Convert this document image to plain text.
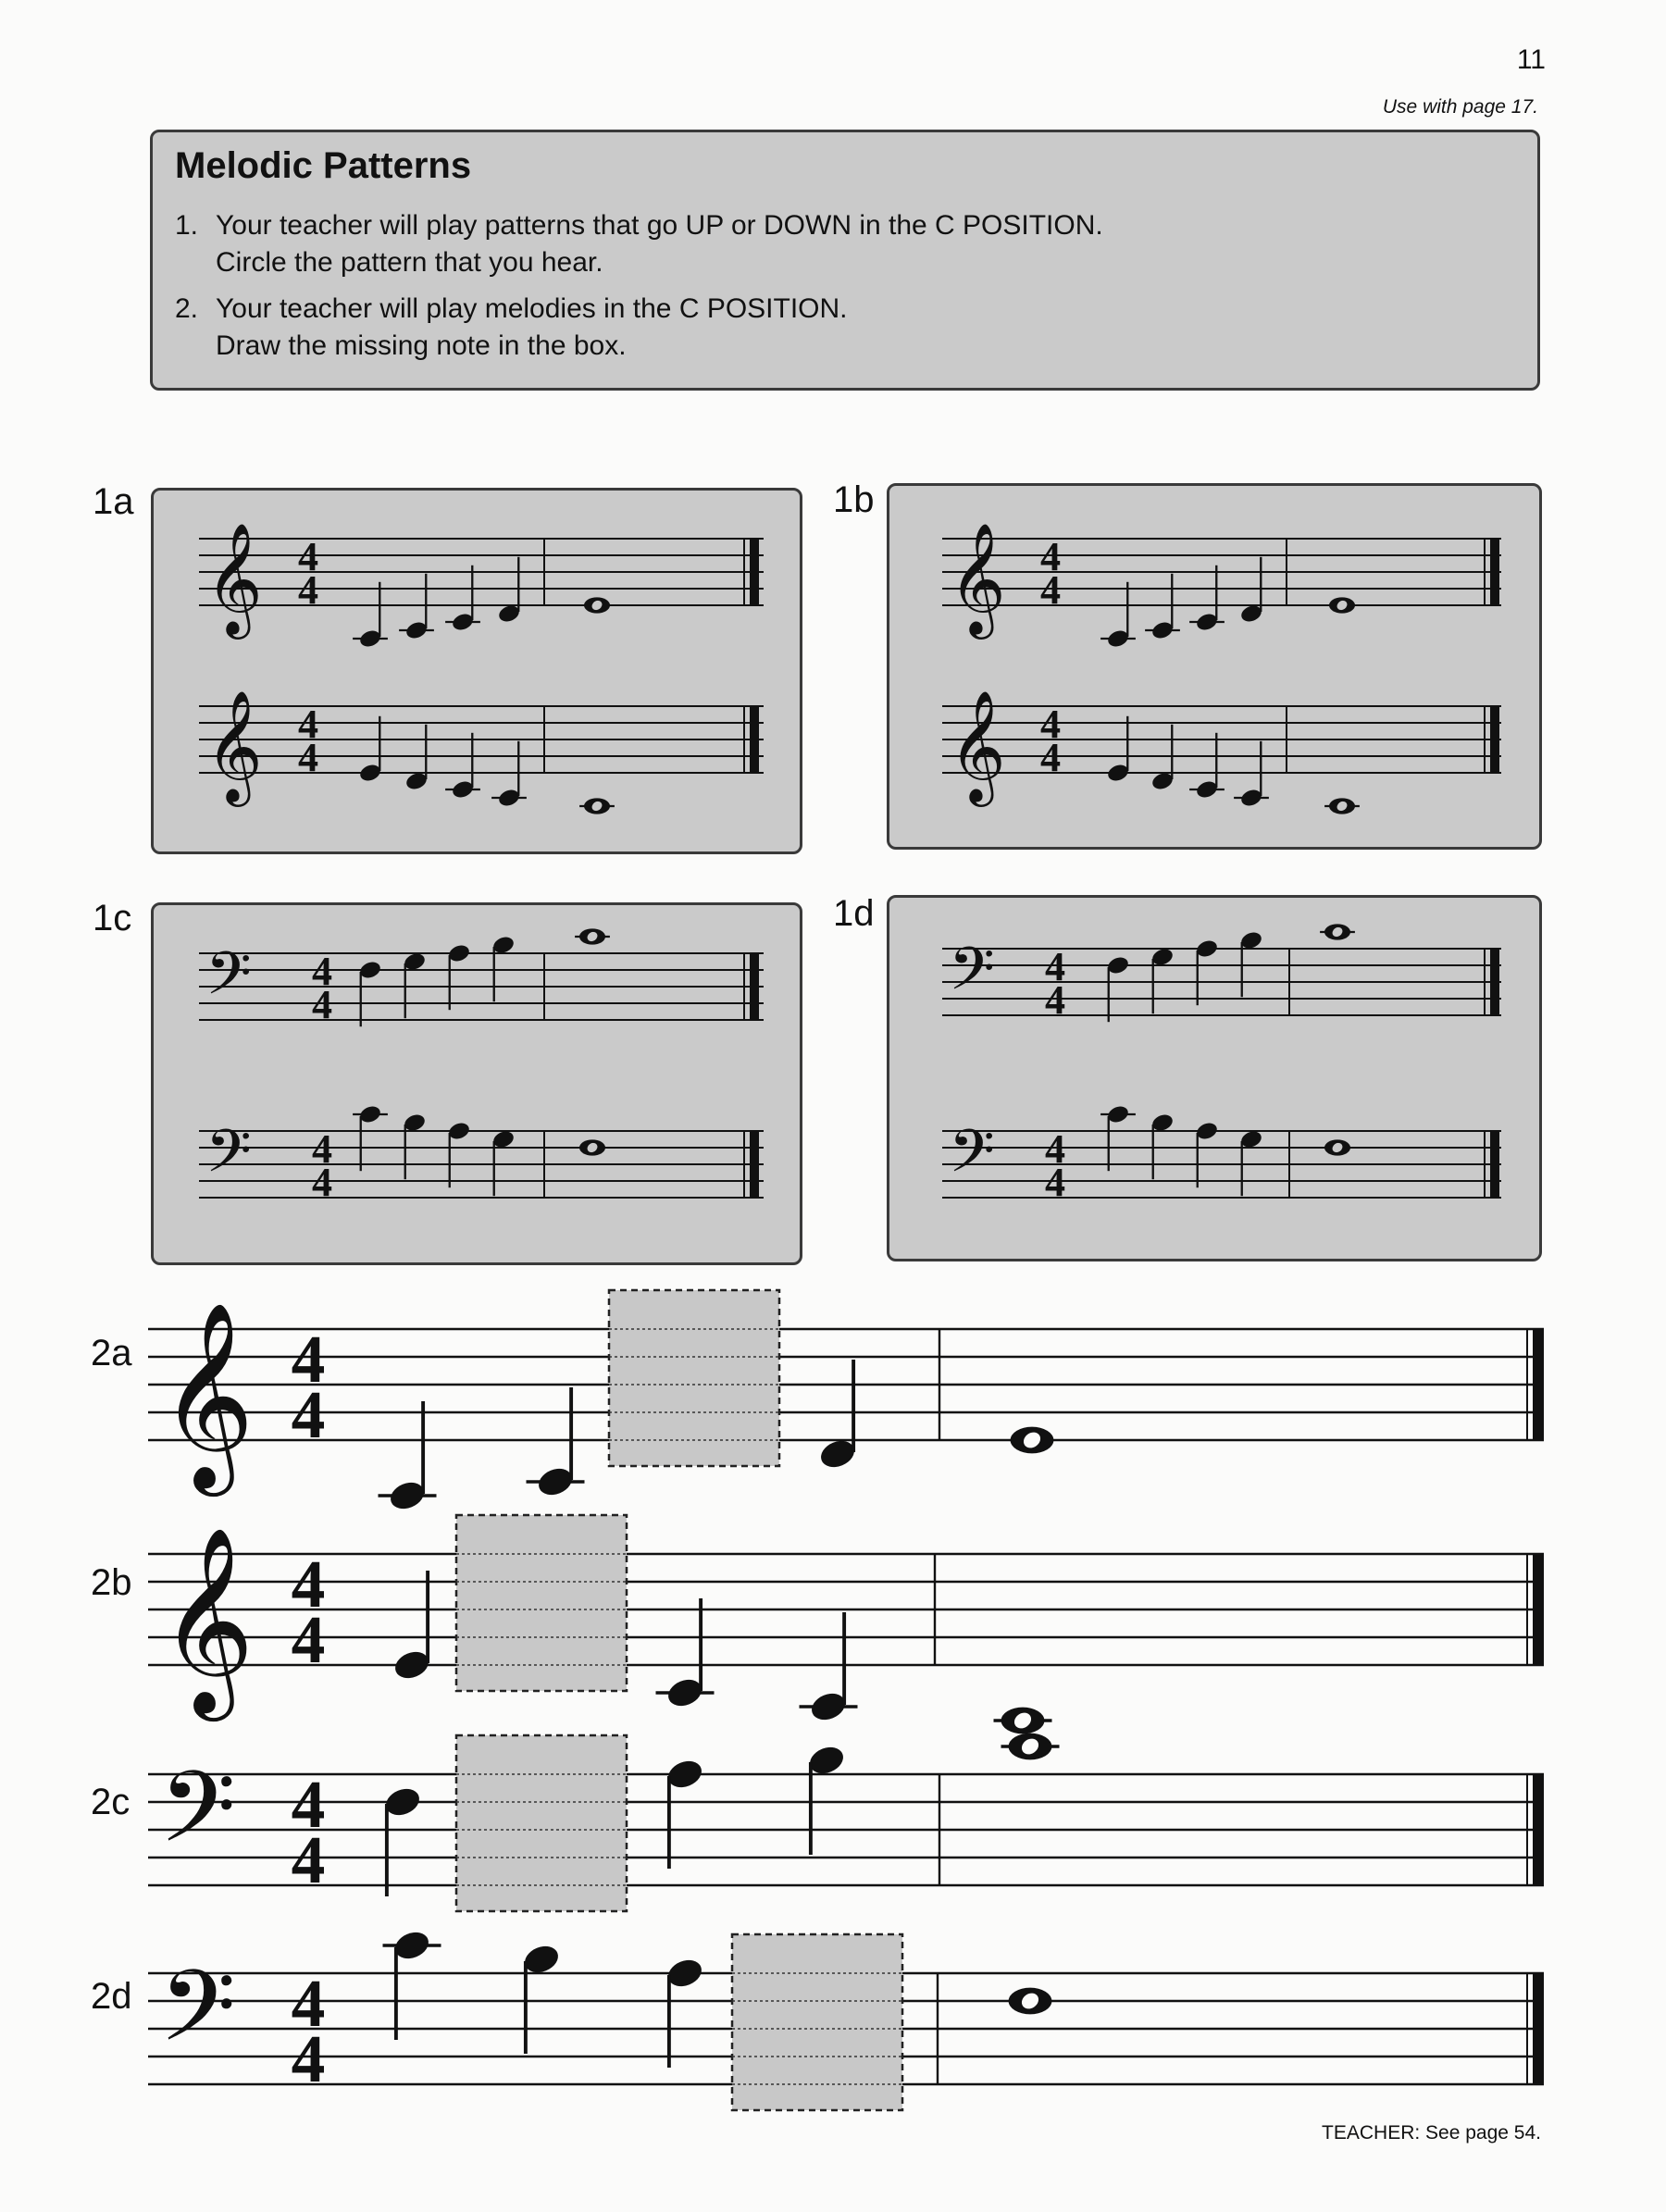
11
Use with page 17.
Melodic Patterns
1. Your teacher will play patterns that go UP or DOWN in the C POSITION.
Circle the pattern that you hear.
2. Your teacher will play melodies in the C POSITION.
Draw the missing note in the box.
1a	1b
1c	1d
2a
2b
2c
2d
𝄞 4
4
𝄞 4
4
𝄞 4
4
𝄞 4
4
𝄢 4
4
𝄢 4
4
𝄢 4
4
𝄢 4
4
𝄞 4
4
𝄞 4
4
𝄢 4
4
𝄢 4
4
TEACHER: See page 54.
